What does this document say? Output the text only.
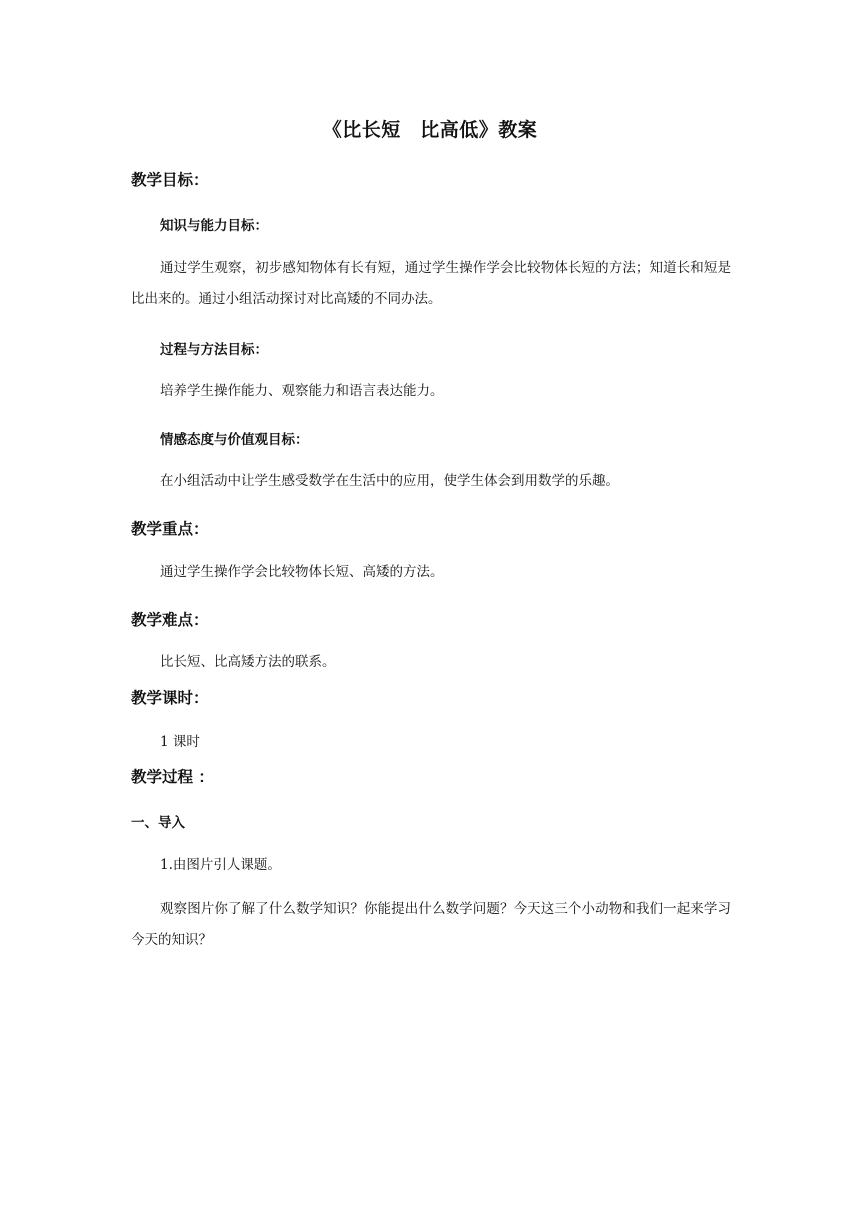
《比长短　比高低》教案
教学目标：
知识与能力目标：
通过学生观察，初步感知物体有长有短，通过学生操作学会比较物体长短的方法；知道长和短是比出来的。通过小组活动探讨对比高矮的不同办法。
过程与方法目标：
培养学生操作能力、观察能力和语言表达能力。
情感态度与价值观目标：
在小组活动中让学生感受数学在生活中的应用，使学生体会到用数学的乐趣。
教学重点：
通过学生操作学会比较物体长短、高矮的方法。
教学难点：
比长短、比高矮方法的联系。
教学课时：
1 课时
教学过程 ：
一、导入
1.由图片引人课题。
观察图片你了解了什么数学知识？你能提出什么数学问题？今天这三个小动物和我们一起来学习今天的知识？
